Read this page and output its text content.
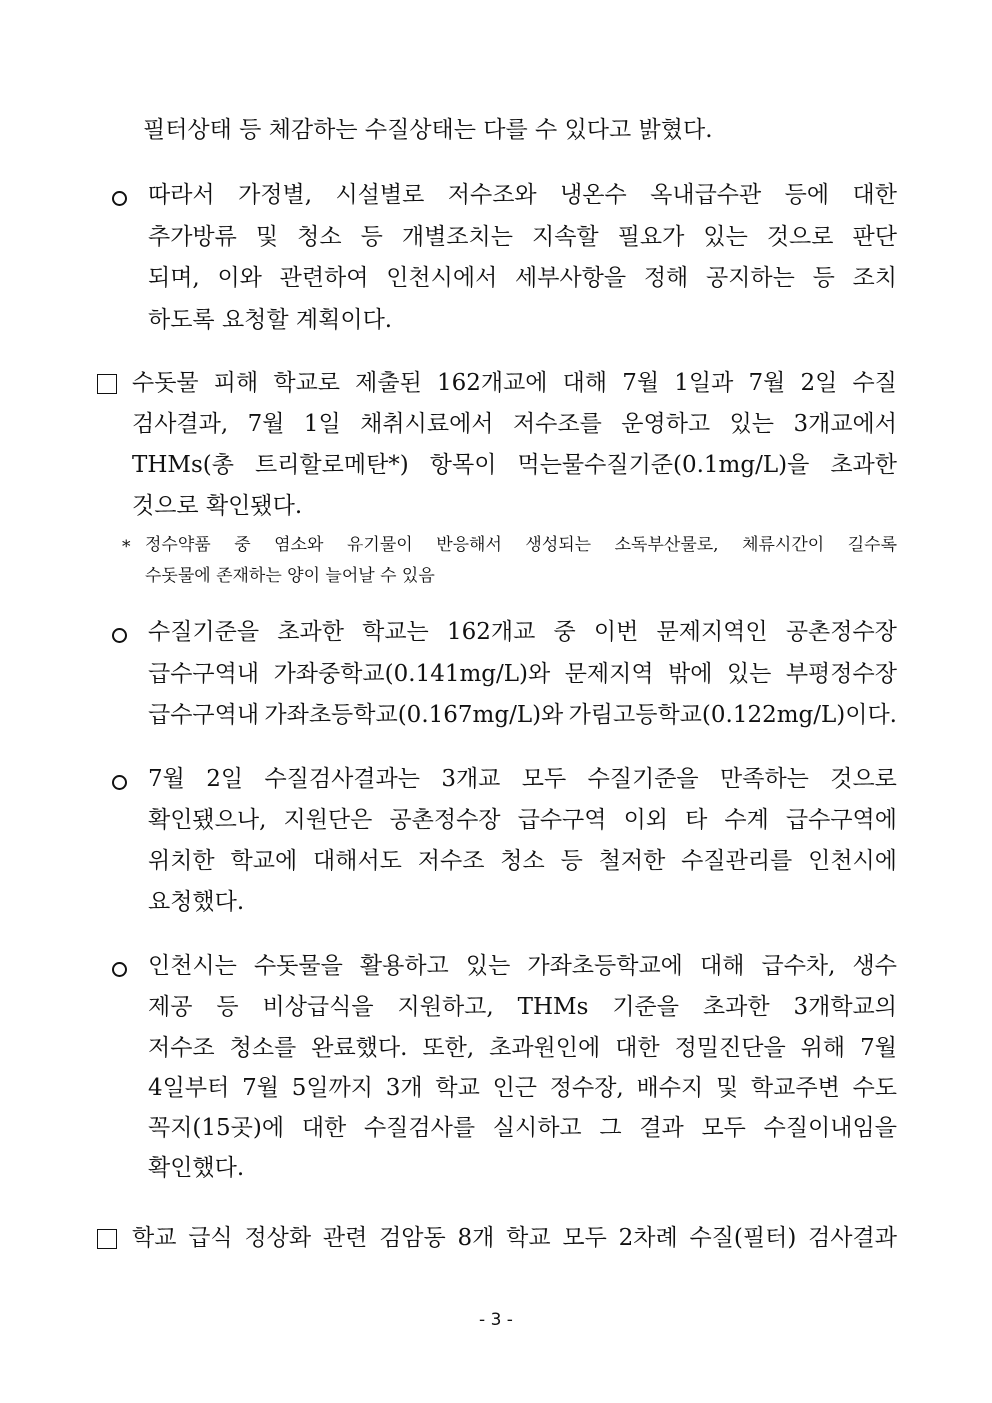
필터상태 등 체감하는 수질상태는 다를 수 있다고 밝혔다.
따라서 가정별, 시설별로 저수조와 냉온수 옥내급수관 등에 대한
추가방류 및 청소 등 개별조치는 지속할 필요가 있는 것으로 판단
되며, 이와 관련하여 인천시에서 세부사항을 정해 공지하는 등 조치
하도록 요청할 계획이다.
수돗물 피해 학교로 제출된 162개교에 대해 7월 1일과 7월 2일 수질
검사결과, 7월 1일 채취시료에서 저수조를 운영하고 있는 3개교에서
THMs(총 트리할로메탄*) 항목이 먹는물수질기준(0.1mg/L)을 초과한
것으로 확인됐다.
* 정수약품 중 염소와 유기물이 반응해서 생성되는 소독부산물로, 체류시간이 길수록
수돗물에 존재하는 양이 늘어날 수 있음
수질기준을 초과한 학교는 162개교 중 이번 문제지역인 공촌정수장
급수구역내 가좌중학교(0.141mg/L)와 문제지역 밖에 있는 부평정수장
급수구역내 가좌초등학교(0.167mg/L)와 가림고등학교(0.122mg/L)이다.
7월 2일 수질검사결과는 3개교 모두 수질기준을 만족하는 것으로
확인됐으나, 지원단은 공촌정수장 급수구역 이외 타 수계 급수구역에
위치한 학교에 대해서도 저수조 청소 등 철저한 수질관리를 인천시에
요청했다.
인천시는 수돗물을 활용하고 있는 가좌초등학교에 대해 급수차, 생수
제공 등 비상급식을 지원하고, THMs 기준을 초과한 3개학교의
저수조 청소를 완료했다. 또한, 초과원인에 대한 정밀진단을 위해 7월
4일부터 7월 5일까지 3개 학교 인근 정수장, 배수지 및 학교주변 수도
꼭지(15곳)에 대한 수질검사를 실시하고 그 결과 모두 수질이내임을
확인했다.
학교 급식 정상화 관련 검암동 8개 학교 모두 2차례 수질(필터) 검사결과
- 3 -
